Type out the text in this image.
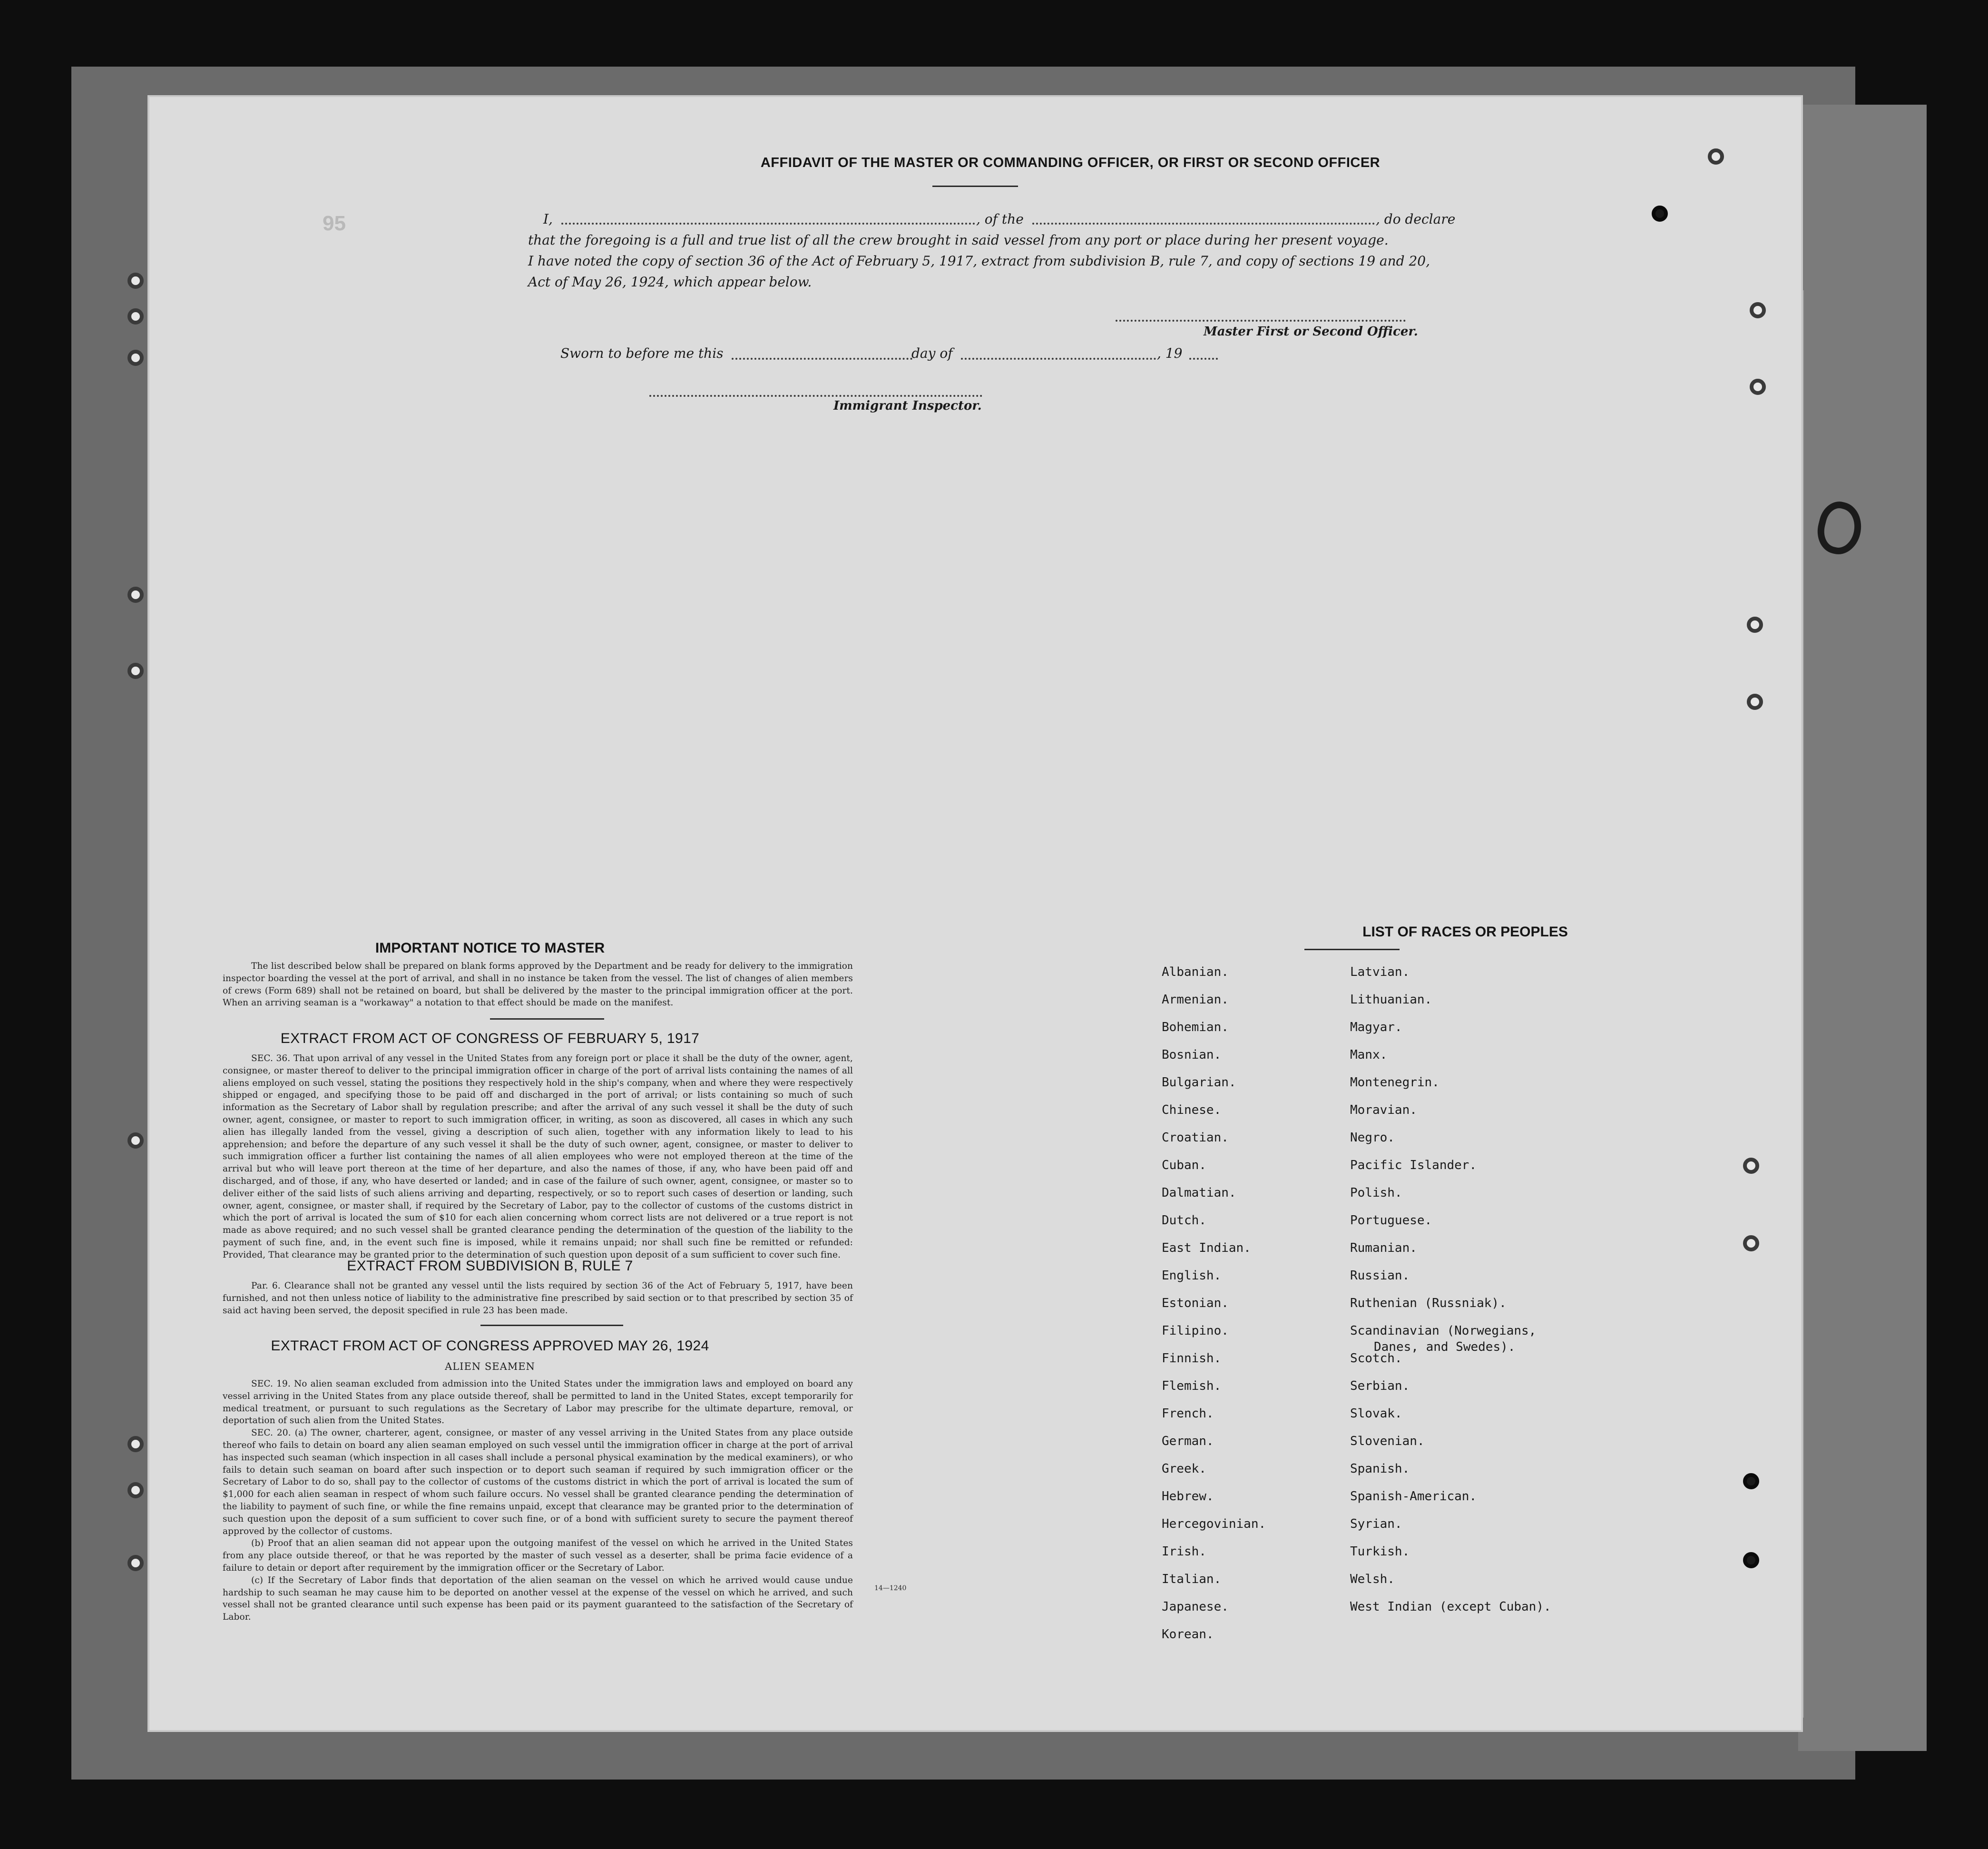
95
AFFIDAVIT OF THE MASTER OR COMMANDING OFFICER, OR FIRST OR SECOND OFFICER
I,	, of the	, do declare
that the foregoing is a full and true list of all the crew brought in said vessel from any port or place during her present voyage.
I have noted the copy of section 36 of the Act of February 5, 1917, extract from subdivision B, rule 7, and copy of sections 19 and 20,
Act of May 26, 1924, which appear below.
Master First or Second Officer.
Sworn to before me this	day of	, 19
Immigrant Inspector.
IMPORTANT NOTICE TO MASTER
The list described below shall be prepared on blank forms approved by the Department and be ready for delivery to the immigration inspector boarding the vessel at the port of arrival, and shall in no instance be taken from the vessel. The list of changes of alien members of crews (Form 689) shall not be retained on board, but shall be delivered by the master to the principal immigration officer at the port. When an arriving seaman is a "workaway" a notation to that effect should be made on the manifest.
EXTRACT FROM ACT OF CONGRESS OF FEBRUARY 5, 1917
SEC. 36. That upon arrival of any vessel in the United States from any foreign port or place it shall be the duty of the owner, agent, consignee, or master thereof to deliver to the principal immigration officer in charge of the port of arrival lists containing the names of all aliens employed on such vessel, stating the positions they respectively hold in the ship's company, when and where they were respectively shipped or engaged, and specifying those to be paid off and discharged in the port of arrival; or lists containing so much of such information as the Secretary of Labor shall by regulation prescribe; and after the arrival of any such vessel it shall be the duty of such owner, agent, consignee, or master to report to such immigration officer, in writing, as soon as discovered, all cases in which any such alien has illegally landed from the vessel, giving a description of such alien, together with any information likely to lead to his apprehension; and before the departure of any such vessel it shall be the duty of such owner, agent, consignee, or master to deliver to such immigration officer a further list containing the names of all alien employees who were not employed thereon at the time of the arrival but who will leave port thereon at the time of her departure, and also the names of those, if any, who have been paid off and discharged, and of those, if any, who have deserted or landed; and in case of the failure of such owner, agent, consignee, or master so to deliver either of the said lists of such aliens arriving and departing, respectively, or so to report such cases of desertion or landing, such owner, agent, consignee, or master shall, if required by the Secretary of Labor, pay to the collector of customs of the customs district in which the port of arrival is located the sum of $10 for each alien concerning whom correct lists are not delivered or a true report is not made as above required; and no such vessel shall be granted clearance pending the determination of the question of the liability to the payment of such fine, and, in the event such fine is imposed, while it remains unpaid; nor shall such fine be remitted or refunded: Provided, That clearance may be granted prior to the determination of such question upon deposit of a sum sufficient to cover such fine.
EXTRACT FROM SUBDIVISION B, RULE 7
Par. 6. Clearance shall not be granted any vessel until the lists required by section 36 of the Act of February 5, 1917, have been furnished, and not then unless notice of liability to the administrative fine prescribed by said section or to that prescribed by section 35 of said act having been served, the deposit specified in rule 23 has been made.
EXTRACT FROM ACT OF CONGRESS APPROVED MAY 26, 1924
ALIEN SEAMEN
SEC. 19. No alien seaman excluded from admission into the United States under the immigration laws and employed on board any vessel arriving in the United States from any place outside thereof, shall be permitted to land in the United States, except temporarily for medical treatment, or pursuant to such regulations as the Secretary of Labor may prescribe for the ultimate departure, removal, or deportation of such alien from the United States.
SEC. 20. (a) The owner, charterer, agent, consignee, or master of any vessel arriving in the United States from any place outside thereof who fails to detain on board any alien seaman employed on such vessel until the immigration officer in charge at the port of arrival has inspected such seaman (which inspection in all cases shall include a personal physical examination by the medical examiners), or who fails to detain such seaman on board after such inspection or to deport such seaman if required by such immigration officer or the Secretary of Labor to do so, shall pay to the collector of customs of the customs district in which the port of arrival is located the sum of $1,000 for each alien seaman in respect of whom such failure occurs. No vessel shall be granted clearance pending the determination of the liability to payment of such fine, or while the fine remains unpaid, except that clearance may be granted prior to the determination of such question upon the deposit of a sum sufficient to cover such fine, or of a bond with sufficient surety to secure the payment thereof approved by the collector of customs.
(b) Proof that an alien seaman did not appear upon the outgoing manifest of the vessel on which he arrived in the United States from any place outside thereof, or that he was reported by the master of such vessel as a deserter, shall be prima facie evidence of a failure to detain or deport after requirement by the immigration officer or the Secretary of Labor.
(c) If the Secretary of Labor finds that deportation of the alien seaman on the vessel on which he arrived would cause undue hardship to such seaman he may cause him to be deported on another vessel at the expense of the vessel on which he arrived, and such vessel shall not be granted clearance until such expense has been paid or its payment guaranteed to the satisfaction of the Secretary of Labor.
14—1240
LIST OF RACES OR PEOPLES
Albanian.
Armenian.
Bohemian.
Bosnian.
Bulgarian.
Chinese.
Croatian.
Cuban.
Dalmatian.
Dutch.
East Indian.
English.
Estonian.
Filipino.
Finnish.
Flemish.
French.
German.
Greek.
Hebrew.
Hercegovinian.
Irish.
Italian.
Japanese.
Korean.
Latvian.
Lithuanian.
Magyar.
Manx.
Montenegrin.
Moravian.
Negro.
Pacific Islander.
Polish.
Portuguese.
Rumanian.
Russian.
Ruthenian (Russniak).
Scandinavian (Norwegians,
Danes, and Swedes).
Scotch.
Serbian.
Slovak.
Slovenian.
Spanish.
Spanish-American.
Syrian.
Turkish.
Welsh.
West Indian (except Cuban).
